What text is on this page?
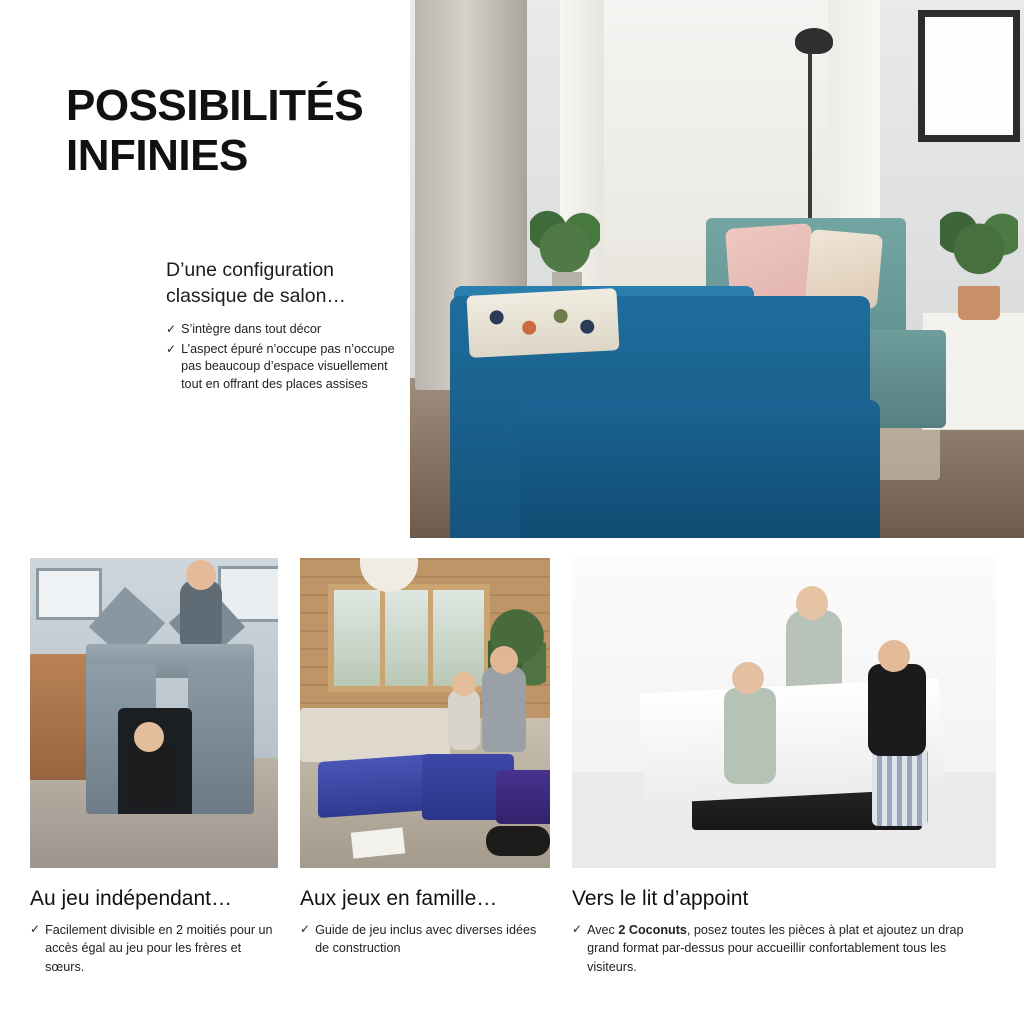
POSSIBILITÉS INFINIES
D’une configuration classique de salon…
✓ S’intègre dans tout décor
✓ L’aspect épuré n’occupe pas n’occupe pas beaucoup d’espace visuellement tout en offrant des places assises
Au jeu indépendant…
✓ Facilement divisible en 2 moitiés pour un accès égal au jeu pour les frères et sœurs.
Aux jeux en famille…
✓ Guide de jeu inclus avec diverses idées de construction
Vers le lit d’appoint
✓ Avec 2 Coconuts, posez toutes les pièces à plat et ajoutez un drap grand format par-dessus pour accueillir confortablement tous les visiteurs.
